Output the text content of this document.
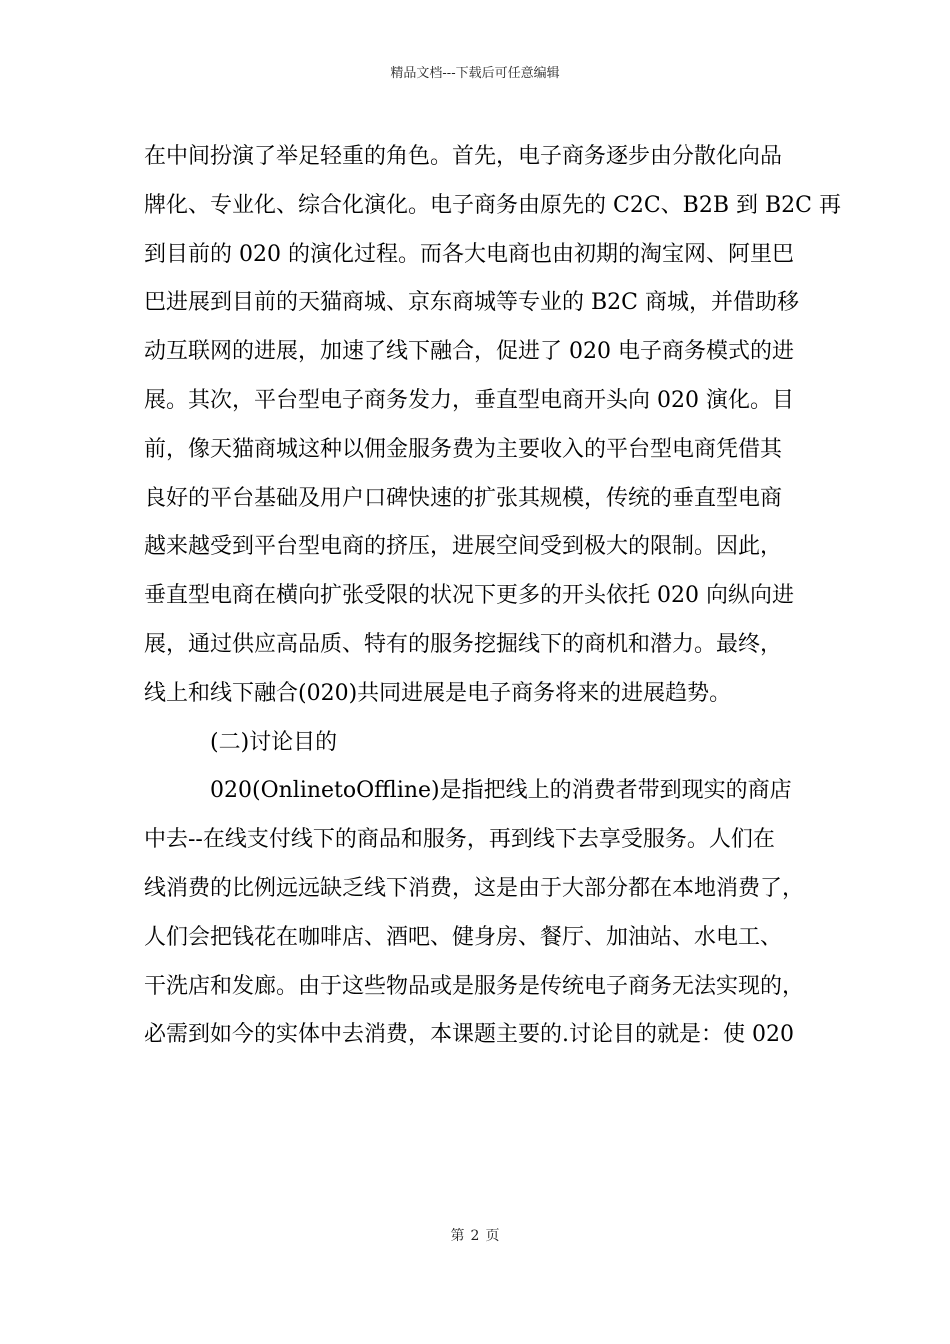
精品文档---下载后可任意编辑
在中间扮演了举足轻重的角色。首先，电子商务逐步由分散化向品
牌化、专业化、综合化演化。电子商务由原先的 C2C、B2B 到 B2C 再
到目前的 020 的演化过程。而各大电商也由初期的淘宝网、阿里巴
巴进展到目前的天猫商城、京东商城等专业的 B2C 商城，并借助移
动互联网的进展，加速了线下融合，促进了 020 电子商务模式的进
展。其次，平台型电子商务发力，垂直型电商开头向 020 演化。目
前，像天猫商城这种以佣金服务费为主要收入的平台型电商凭借其
良好的平台基础及用户口碑快速的扩张其规模，传统的垂直型电商
越来越受到平台型电商的挤压，进展空间受到极大的限制。因此，
垂直型电商在横向扩张受限的状况下更多的开头依托 020 向纵向进
展，通过供应高品质、特有的服务挖掘线下的商机和潜力。最终，
线上和线下融合(020)共同进展是电子商务将来的进展趋势。
(二)讨论目的
020(OnlinetoOffline)是指把线上的消费者带到现实的商店
中去--在线支付线下的商品和服务，再到线下去享受服务。人们在
线消费的比例远远缺乏线下消费，这是由于大部分都在本地消费了，
人们会把钱花在咖啡店、酒吧、健身房、餐厅、加油站、水电工、
干洗店和发廊。由于这些物品或是服务是传统电子商务无法实现的，
必需到如今的实体中去消费，本课题主要的.讨论目的就是：使 020
第 2 页
